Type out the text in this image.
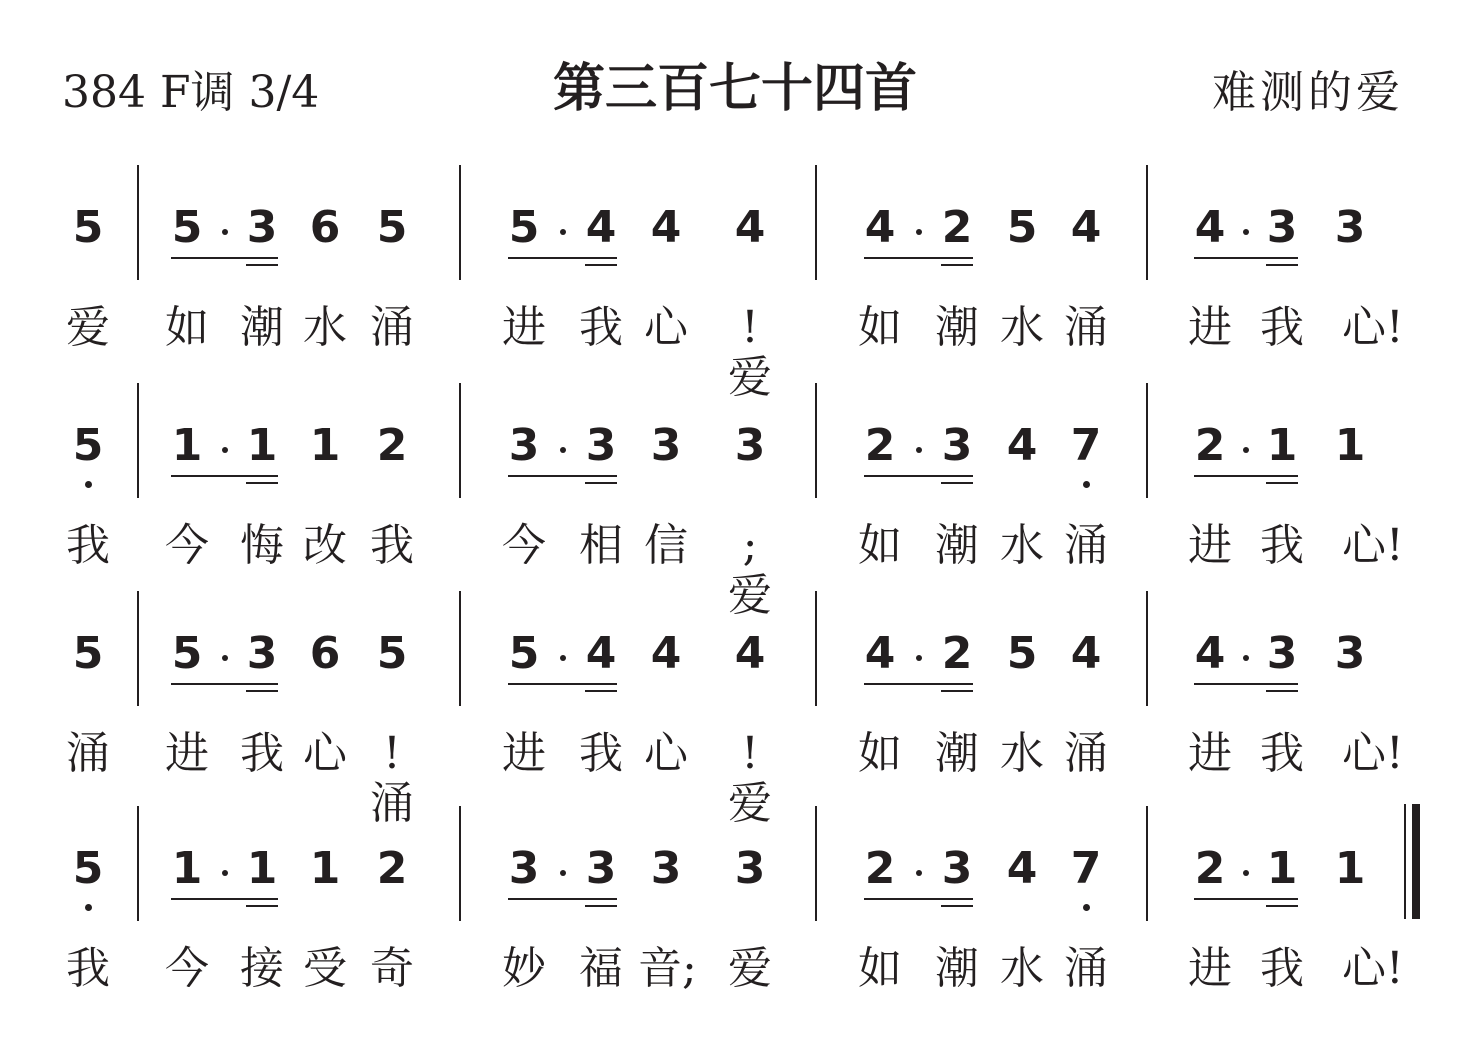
384 F调 3/4	第三百七十四首	难测的爱
5
爱
5 3 6 5
如 潮 水 涌
5 4 4 4
进 我 心	!爱
4 2 5 4
如 潮 水 涌
4 3 3
进 我 心!
5
我
1 1 1 2
今 悔 改 我
3 3 3 3
今 相 信	;爱
2 3 4 7
如 潮 水 涌
2 1 1
进 我 心!
5
涌
5 3 6 5
进 我 心 !涌
5 4 4 4
进 我 心	!爱
4 2 5 4
如 潮 水 涌
4 3 3
进 我 心!
5
我
1 1 1 2
今 接 受 奇
3 3 3 3
妙 福 音; 爱
2 3 4 7
如 潮 水 涌
2 1 1
进 我 心!
